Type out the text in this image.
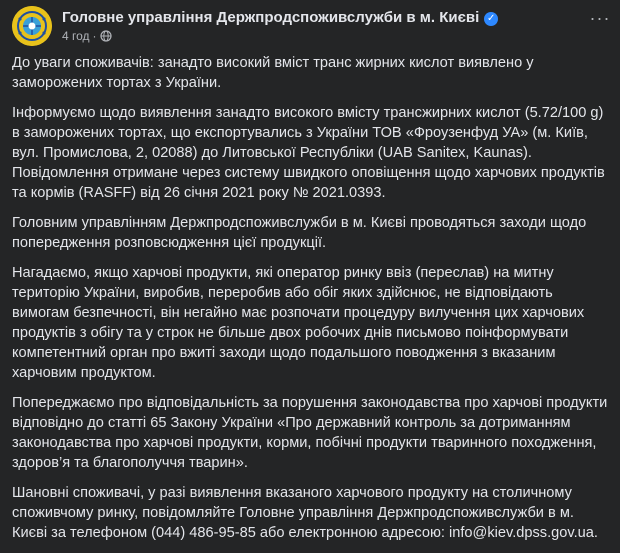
Головне управління Держпродспоживслужби в м. Києві ✓
4 год ·
···

До уваги споживачів: занадто високий вміст транс жирних кислот виявлено у заморожених тортах з України.

Інформуємо щодо виявлення занадто високого вмісту трансжирних кислот (5.72/100 g) в заморожених тортах, що експортувались з України ТОВ «Фроузенфуд УА» (м. Київ, вул. Промислова, 2, 02088) до Литовської Республіки (UAB Sanitex, Kaunas). Повідомлення отримане через систему швидкого оповіщення щодо харчових продуктів та кормів (RASFF) від 26 січня 2021 року № 2021.0393.

Головним управлінням Держпродспоживслужби в м. Києві проводяться заходи щодо попередження розповсюдження цієї продукції.

Нагадаємо, якщо харчові продукти, які оператор ринку ввіз (переслав) на митну територію України, виробив, переробив або обіг яких здійснює, не відповідають вимогам безпечності, він негайно має розпочати процедуру вилучення цих харчових продуктів з обігу та у строк не більше двох робочих днів письмово поінформувати компетентний орган про вжиті заходи щодо подальшого поводження з вказаним харчовим продуктом.

Попереджаємо про відповідальність за порушення законодавства про харчові продукти відповідно до статті 65 Закону України «Про державний контроль за дотриманням законодавства про харчові продукти, корми, побічні продукти тваринного походження, здоров’я та благополуччя тварин».

Шановні споживачі, у разі виявлення вказаного харчового продукту на столичному споживчому ринку, повідомляйте Головне управління Держпродспоживслужби в м. Києві за телефоном (044) 486-95-85 або електронною адресою: info@kiev.dpss.gov.ua.
